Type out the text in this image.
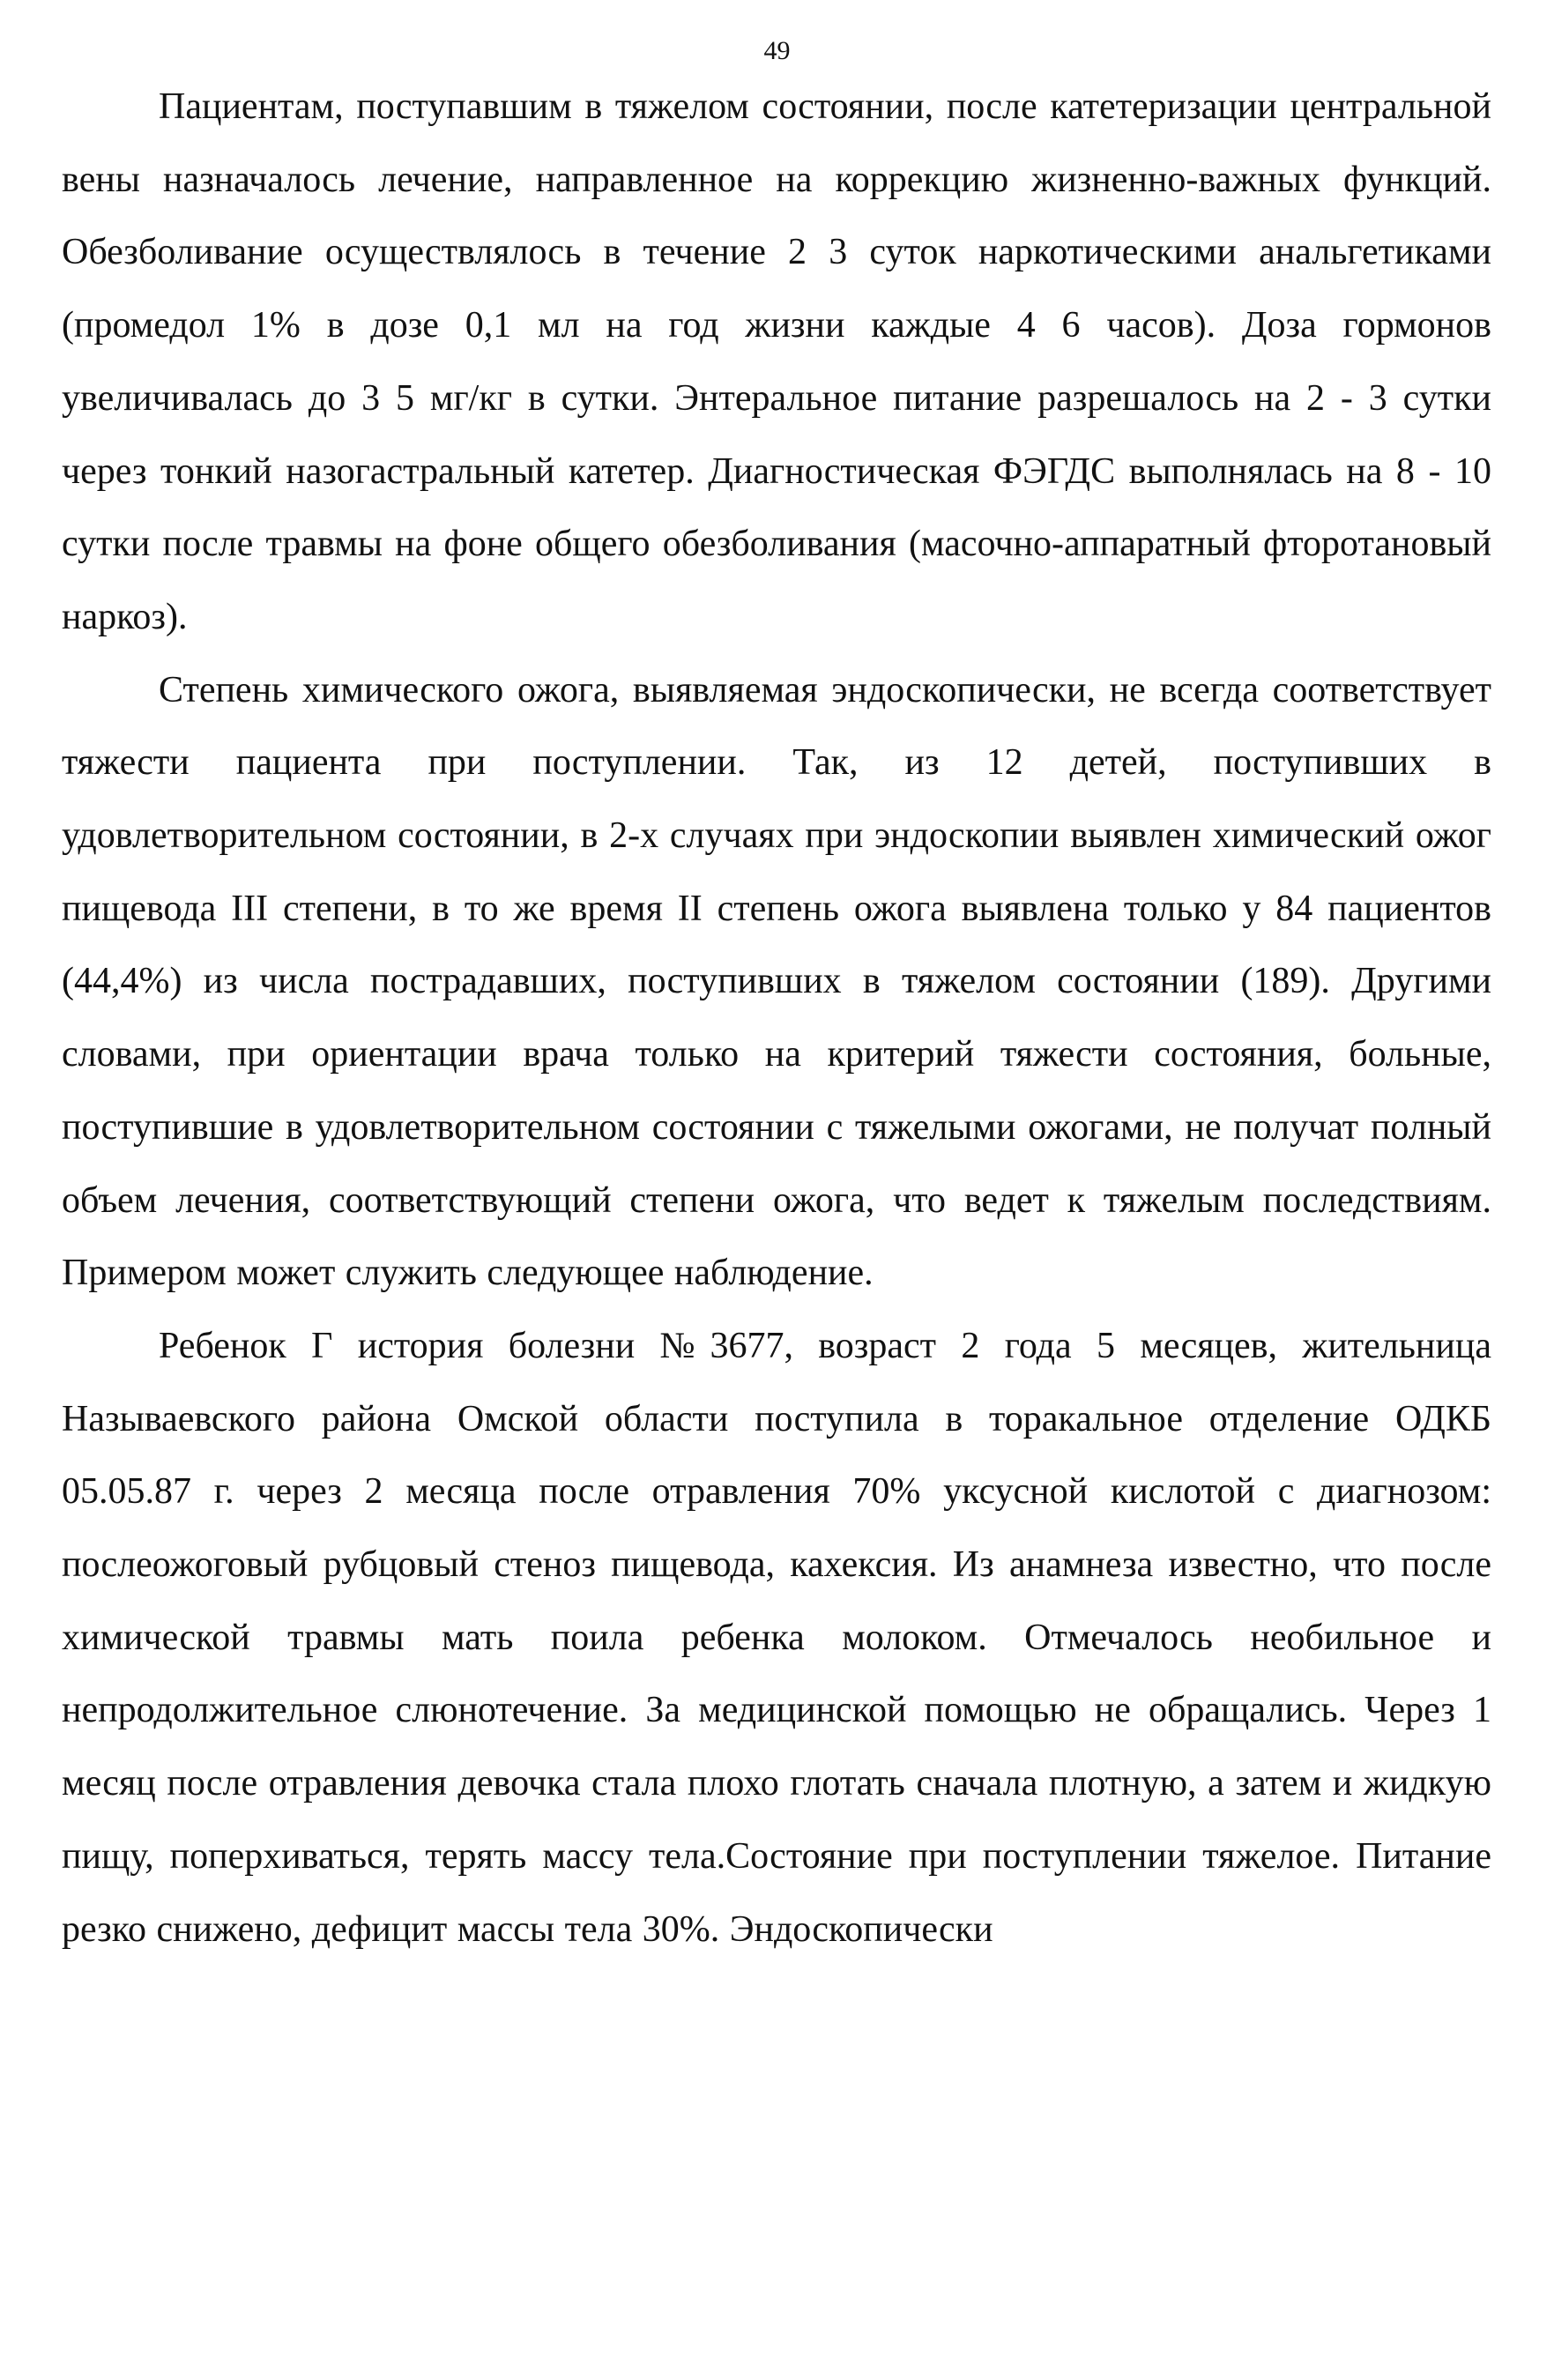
49

Пациентам, поступавшим в тяжелом состоянии, после катетеризации центральной вены назначалось лечение, направленное на коррекцию жизненно-важных функций. Обезболивание осуществлялось в течение 2 3 суток наркотическими анальгетиками (промедол 1% в дозе 0,1 мл на год жизни каждые 4 6 часов). Доза гормонов увеличивалась до 3 5 мг/кг в сутки. Энтеральное питание разрешалось на 2 - 3 сутки через тонкий назогастральный катетер. Диагностическая ФЭГДС выполнялась на 8 - 10 сутки после травмы на фоне общего обезболивания (масочно-аппаратный фторотановый наркоз).

Степень химического ожога, выявляемая эндоскопически, не всегда соответствует тяжести пациента при поступлении. Так, из 12 детей, поступивших в удовлетворительном состоянии, в 2-х случаях при эндоскопии выявлен химический ожог пищевода III степени, в то же время II степень ожога выявлена только у 84 пациентов (44,4%) из числа пострадавших, поступивших в тяжелом состоянии (189). Другими словами, при ориентации врача только на критерий тяжести состояния, больные, поступившие в удовлетворительном состоянии с тяжелыми ожогами, не получат полный объем лечения, соответствующий степени ожога, что ведет к тяжелым последствиям. Примером может служить следующее наблюдение.

Ребенок Г история болезни №3677, возраст 2 года 5 месяцев, жительница Называевского района Омской области поступила в торакальное отделение ОДКБ 05.05.87 г. через 2 месяца после отравления 70% уксусной кислотой с диагнозом: послеожоговый рубцовый стеноз пищевода, кахексия. Из анамнеза известно, что после химической травмы мать поила ребенка молоком. Отмечалось необильное и непродолжительное слюнотечение. За медицинской помощью не обращались. Через 1 месяц после отравления девочка стала плохо глотать сначала плотную, а затем и жидкую пищу, поперхиваться, терять массу тела.Состояние при поступлении тяжелое. Питание резко снижено, дефицит массы тела 30%. Эндоскопически
